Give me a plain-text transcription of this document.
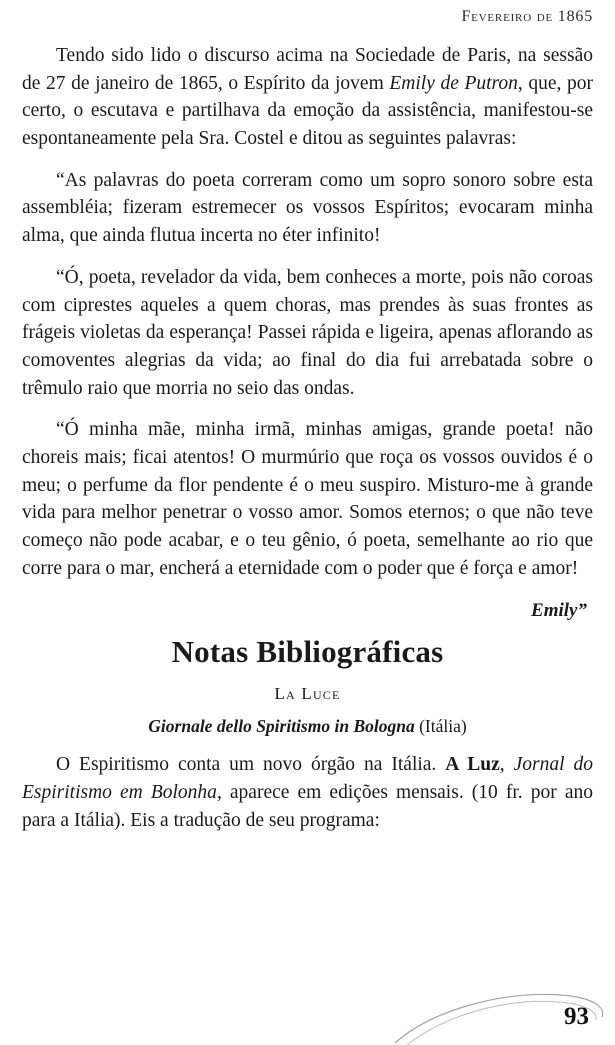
Fevereiro de 1865

Tendo sido lido o discurso acima na Sociedade de Paris, na sessão de 27 de janeiro de 1865, o Espírito da jovem Emily de Putron, que, por certo, o escutava e partilhava da emoção da assistência, manifestou-se espontaneamente pela Sra. Costel e ditou as seguintes palavras:

“As palavras do poeta correram como um sopro sonoro sobre esta assembléia; fizeram estremecer os vossos Espíritos; evocaram minha alma, que ainda flutua incerta no éter infinito!

“Ó, poeta, revelador da vida, bem conheces a morte, pois não coroas com ciprestes aqueles a quem choras, mas prendes às suas frontes as frágeis violetas da esperança! Passei rápida e ligeira, apenas aflorando as comoventes alegrias da vida; ao final do dia fui arrebatada sobre o trêmulo raio que morria no seio das ondas.

“Ó minha mãe, minha irmã, minhas amigas, grande poeta! não choreis mais; ficai atentos! O murmúrio que roça os vossos ouvidos é o meu; o perfume da flor pendente é o meu suspiro. Misturo-me à grande vida para melhor penetrar o vosso amor. Somos eternos; o que não teve começo não pode acabar, e o teu gênio, ó poeta, semelhante ao rio que corre para o mar, encherá a eternidade com o poder que é força e amor!

Emily”
Notas Bibliográficas
La Luce
Giornale dello Spiritismo in Bologna (Itália)

O Espiritismo conta um novo órgão na Itália. A Luz, Jornal do Espiritismo em Bolonha, aparece em edições mensais. (10 fr. por ano para a Itália). Eis a tradução de seu programa:

93
